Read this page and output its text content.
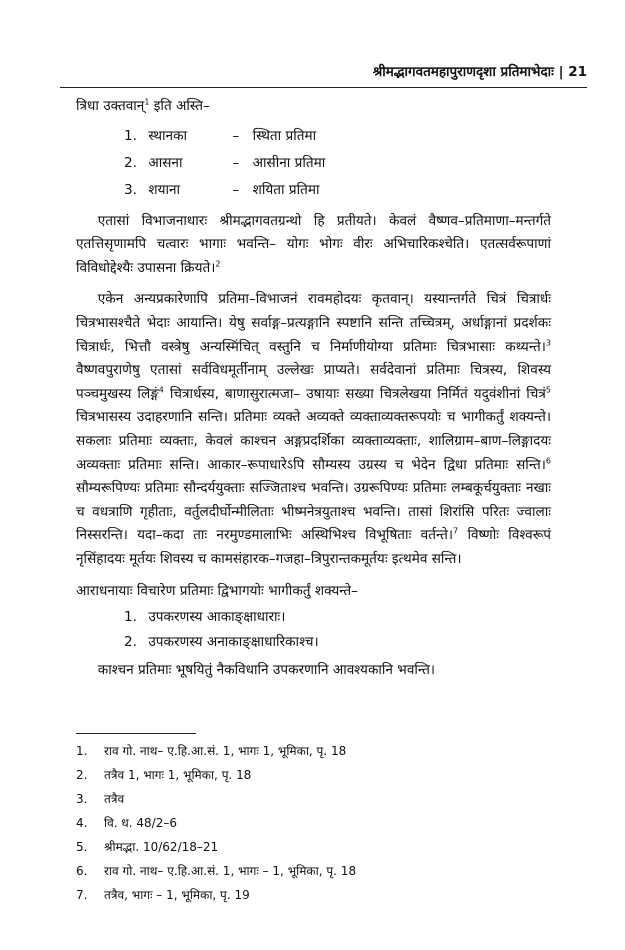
श्रीमद्भागवतमहापुराणदृशा प्रतिमाभेदाः | 21

त्रिधा उक्तवान्$^1$ इति अस्ति–

1. स्थानका	– स्थिता प्रतिमा
2. आसना	– आसीना प्रतिमा
3. शयाना	– शयिता प्रतिमा

एतासां विभाजनाधारः श्रीमद्भागवतग्रन्थो हि प्रतीयते। केवलं वैष्णव–प्रतिमाणा–मन्तर्गते एतत्तिसृणामपि चत्वारः भागाः भवन्ति– योगः भोगः वीरः अभिचारिकश्चेति। एतत्सर्वरूपाणां विविधोद्देश्यैः उपासना क्रियते।$^2$

एकेन अन्यप्रकारेणापि प्रतिमा–विभाजनं रावमहोदयः कृतवान्। यस्यान्तर्गते चित्रं चित्रार्धः चित्रभासश्चैते भेदाः आयान्ति। येषु सर्वाङ्ग–प्रत्यङ्गानि स्पष्टानि सन्ति तच्चित्रम्, अर्धाङ्गानां प्रदर्शकः चित्रार्धः, भित्तौ वस्त्रेषु अन्यस्मिंचित् वस्तुनि च निर्माणीयोग्या प्रतिमाः चित्रभासाः कथ्यन्ते।$^3$ वैष्णवपुराणेषु एतासां सर्वविधमूर्तीनाम् उल्लेखः प्राप्यते। सर्वदेवानां प्रतिमाः चित्रस्य, शिवस्य पञ्चमुखस्य लिङ्गं$^4$ चित्रार्धस्य, बाणासुरात्मजा– उषायाः सख्या चित्रलेखया निर्मितं यदुवंशीनां चित्रं$^5$ चित्रभासस्य उदाहरणानि सन्ति। प्रतिमाः व्यक्ते अव्यक्ते व्यक्ताव्यक्तरूपयोः च भागीकर्तुं शक्यन्ते। सकलाः प्रतिमाः व्यक्ताः, केवलं काश्चन अङ्गप्रदर्शिका व्यक्ताव्यक्ताः, शालिग्राम–बाण–लिङ्गादयः अव्यक्ताः प्रतिमाः सन्ति। आकार–रूपाधारेऽपि सौम्यस्य उग्रस्य च भेदेन द्विधा प्रतिमाः सन्ति।$^6$ सौम्यरूपिण्यः प्रतिमाः सौन्दर्ययुक्ताः सज्जिताश्च भवन्ति। उग्ररूपिण्यः प्रतिमाः लम्बकूर्चयुक्ताः नखाः च वधत्राणि गृहीताः, वर्तुलदीर्घोन्मीलिताः भीष्मनेत्रयुताश्च भवन्ति। तासां शिरांसि परितः ज्वालाः निस्सरन्ति। यदा–कदा ताः नरमुण्डमालाभिः अस्थिभिश्च विभूषिताः वर्तन्ते।$^7$ विष्णोः विश्वरूपं नृसिंहादयः मूर्तयः शिवस्य च कामसंहारक–गजहा–त्रिपुरान्तकमूर्तयः इत्थमेव सन्ति।

आराधनायाः विचारेण प्रतिमाः द्विभागयोः भागीकर्तुं शक्यन्ते–

1. उपकरणस्य आकाङ्क्षाधाराः।
2. उपकरणस्य अनाकाङ्क्षाधारिकाश्च।

काश्चन प्रतिमाः भूषयितुं नैकविधानि उपकरणानि आवश्यकानि भवन्ति।

1. राव गो. नाथ– ए.हि.आ.सं. 1, भागः 1, भूमिका, पृ. 18
2. तत्रैव 1, भागः 1, भूमिका, पृ. 18
3. तत्रैव
4. वि. ध. 48/2–6
5. श्रीमद्भा. 10/62/18–21
6. राव गो. नाथ– ए.हि.आ.सं. 1, भागः – 1, भूमिका, पृ. 18
7. तत्रैव, भागः – 1, भूमिका, पृ. 19
